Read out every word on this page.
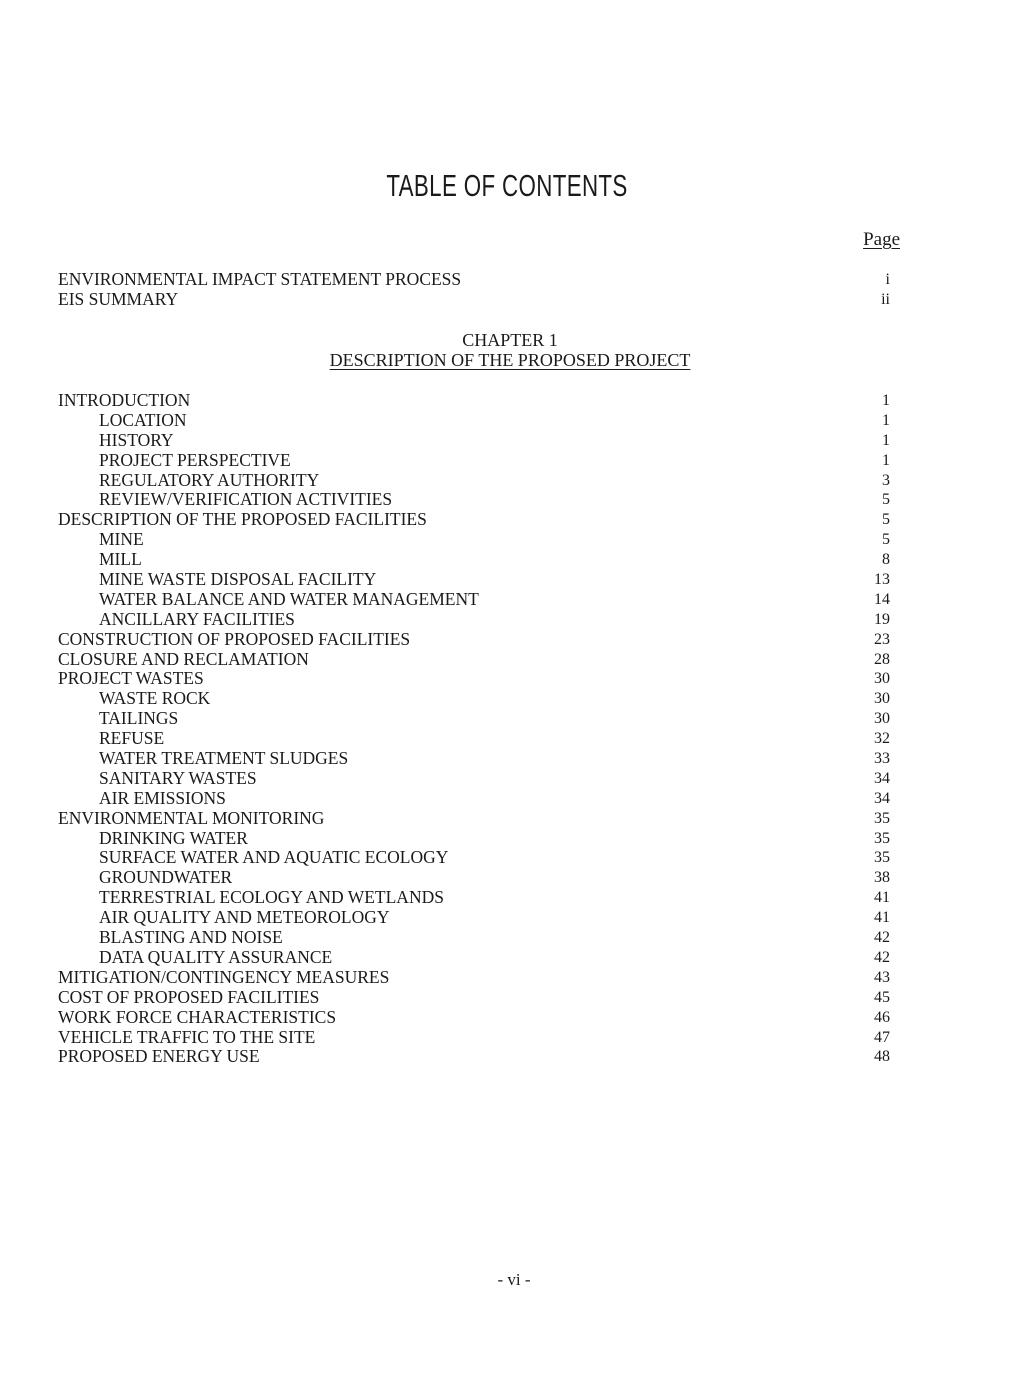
TABLE OF CONTENTS
Page
ENVIRONMENTAL IMPACT STATEMENT PROCESS	i
EIS SUMMARY	ii
CHAPTER 1
DESCRIPTION OF THE PROPOSED PROJECT
INTRODUCTION	1
LOCATION	1
HISTORY	1
PROJECT PERSPECTIVE	1
REGULATORY AUTHORITY	3
REVIEW/VERIFICATION ACTIVITIES	5
DESCRIPTION OF THE PROPOSED FACILITIES	5
MINE	5
MILL	8
MINE WASTE DISPOSAL FACILITY	13
WATER BALANCE AND WATER MANAGEMENT	14
ANCILLARY FACILITIES	19
CONSTRUCTION OF PROPOSED FACILITIES	23
CLOSURE AND RECLAMATION	28
PROJECT WASTES	30
WASTE ROCK	30
TAILINGS	30
REFUSE	32
WATER TREATMENT SLUDGES	33
SANITARY WASTES	34
AIR EMISSIONS	34
ENVIRONMENTAL MONITORING	35
DRINKING WATER	35
SURFACE WATER AND AQUATIC ECOLOGY	35
GROUNDWATER	38
TERRESTRIAL ECOLOGY AND WETLANDS	41
AIR QUALITY AND METEOROLOGY	41
BLASTING AND NOISE	42
DATA QUALITY ASSURANCE	42
MITIGATION/CONTINGENCY MEASURES	43
COST OF PROPOSED FACILITIES	45
WORK FORCE CHARACTERISTICS	46
VEHICLE TRAFFIC TO THE SITE	47
PROPOSED ENERGY USE	48
- vi -
